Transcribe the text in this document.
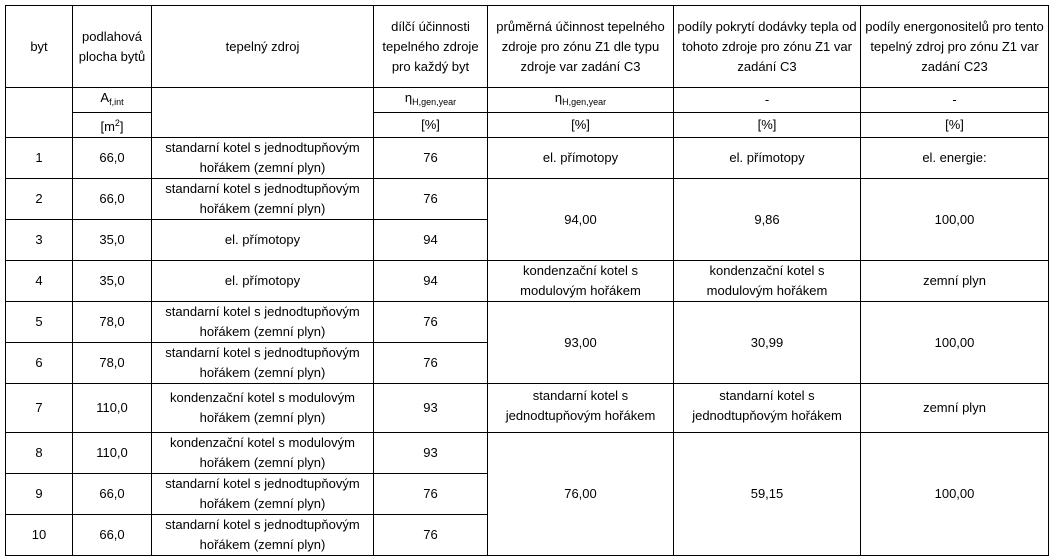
byt	podlahová plocha bytů	tepelný zdroj	dílčí účinnosti tepelného zdroje pro každý byt	průměrná účinnost tepelného zdroje pro zónu Z1 dle typu zdroje var zadání C3	podíly pokrytí dodávky tepla od tohoto zdroje pro zónu Z1 var zadání C3	podíly energonositelů pro tento tepelný zdroj pro zónu Z1 var zadání C23
	$A_{f,int}$		$\eta_{H,gen,year}$	$\eta_{H,gen,year}$	-	-
	$[m^2]$		[%]	[%]	[%]	[%]
1	66,0	standarní kotel s jednodtupňovým hořákem (zemní plyn)	76	el. přímotopy	el. přímotopy	el. energie:
2	66,0	standarní kotel s jednodtupňovým hořákem (zemní plyn)	76	94,00	9,86	100,00
3	35,0	el. přímotopy	94			
4	35,0	el. přímotopy	94	kondenzační kotel s modulovým hořákem	kondenzační kotel s modulovým hořákem	zemní plyn
5	78,0	standarní kotel s jednodtupňovým hořákem (zemní plyn)	76	93,00	30,99	100,00
6	78,0	standarní kotel s jednodtupňovým hořákem (zemní plyn)	76			
7	110,0	kondenzační kotel s modulovým hořákem (zemní plyn)	93	standarní kotel s jednodtupňovým hořákem	standarní kotel s jednodtupňovým hořákem	zemní plyn
8	110,0	kondenzační kotel s modulovým hořákem (zemní plyn)	93	76,00	59,15	100,00
9	66,0	standarní kotel s jednodtupňovým hořákem (zemní plyn)	76			
10	66,0	standarní kotel s jednodtupňovým hořákem (zemní plyn)	76			
